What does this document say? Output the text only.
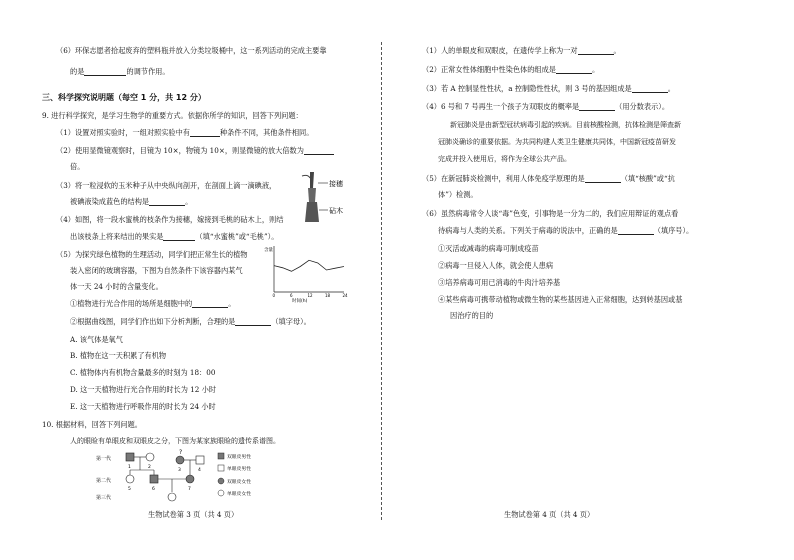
（6）环保志愿者拾起废弃的塑料瓶并放入分类垃圾桶中，这一系列活动的完成主要靠
的是	的调节作用。
三、科学探究说明题（每空 1 分，共 12 分）
9. 进行科学探究，是学习生物学的重要方式。依据你所学的知识，回答下列问题：
（1）设置对照实验时，一组对照实验中有	种条件不同，其他条件相同。
（2）使用显微镜观察时，目镜为 10×，物镜为 10×，则显微镜的放大倍数为
倍。
（3）将一粒浸软的玉米种子从中央纵向剖开，在剖面上滴一滴碘液，
被碘液染成蓝色的结构是	。
接穗
砧木
（4）如图，将一段水蜜桃的枝条作为接穗，嫁接到毛桃的砧木上，则结
出该枝条上将来结出的果实是	（填“水蜜桃”或“毛桃”）。
（5）为探究绿色植物的生理活动，同学们把正常生长的植物
装入密闭的玻璃容器，下图为自然条件下该容器内某气
体一天 24 小时的含量变化。
含量
时间(h)
0	6	12	18	24
①植物进行光合作用的场所是细胞中的	。
②根据曲线图，同学们作出如下分析判断，合理的是	（填字母）。
A. 该气体是氧气
B. 植物在这一天积累了有机物
C. 植物体内有机物含量最多的时刻为 18：00
D. 这一天植物进行光合作用的时长为 12 小时
E. 这一天植物进行呼吸作用的时长为 24 小时
10. 根据材料，回答下列问题。
人的眼睑有单眼皮和双眼皮之分，下图为某家族眼睑的遗传系谱图。
第一代
第二代
第三代
?
1	2
3	4
5	6	7
双眼皮男性
单眼皮男性
双眼皮女性
单眼皮女性
生物试卷第 3 页（共 4 页）
（1）人的单眼皮和双眼皮，在遗传学上称为一对	。
（2）正常女性体细胞中性染色体的组成是	。
（3）若 A 控制显性性状，a 控制隐性性状，则 3 号的基因组成是	。
（4）6 号和 7 号再生一个孩子为双眼皮的概率是	（用分数表示）。
新冠肺炎是由新型冠状病毒引起的疾病。目前核酸检测，抗体检测是筛查新
冠肺炎确诊的重要依据。为共同构建人类卫生健康共同体，中国新冠疫苗研发
完成并投入使用后，将作为全球公共产品。
（5）在新冠肺炎检测中，利用人体免疫学原理的是	（填“核酸”或“抗
体”）检测。
（6）虽然病毒常令人谈“毒”色变，引事物是一分为二的，我们应用辩证的观点看
待病毒与人类的关系。下列关于病毒的说法中，正确的是	（填序号）。
①灭活或减毒的病毒可制成疫苗
②病毒一旦侵入人体，就会使人患病
③培养病毒可用已消毒的牛肉汁培养基
④某些病毒可携带动植物或微生物的某些基因进入正常细胞，达到转基因或基
因治疗的目的
生物试卷第 4 页（共 4 页）
